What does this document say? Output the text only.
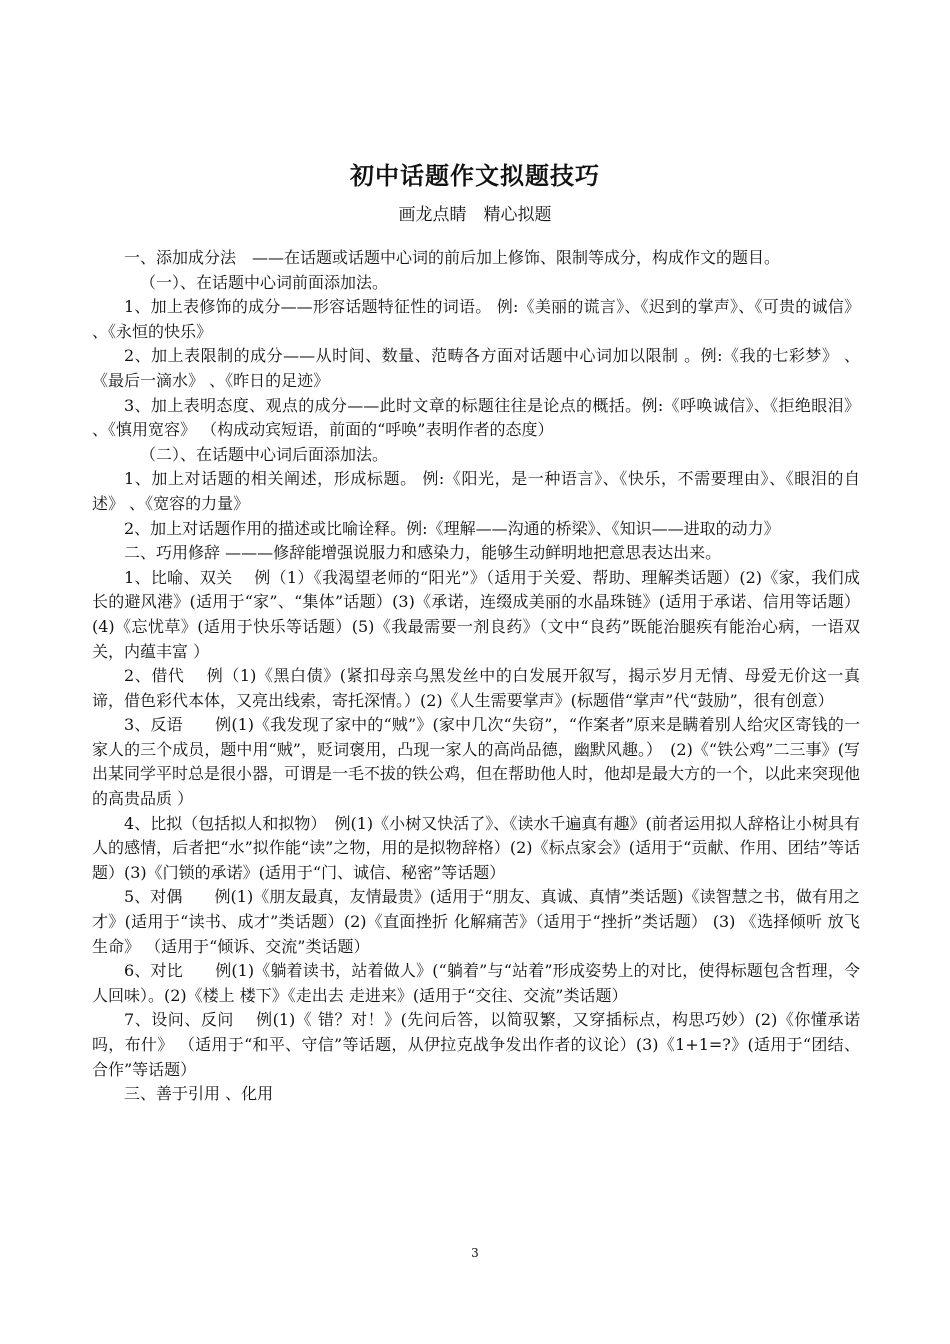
初中话题作文拟题技巧
画龙点睛　精心拟题

一、添加成分法　——在话题或话题中心词的前后加上修饰、限制等成分，构成作文的题目。

（一）、在话题中心词前面添加法。

1、加上表修饰的成分——形容话题特征性的词语。 例:《美丽的谎言》、《迟到的掌声》、《可贵的诚信》 、《永恒的快乐》

2、加上表限制的成分——从时间、数量、范畴各方面对话题中心词加以限制 。例:《我的七彩梦》 、《最后一滴水》 、《昨日的足迹》

3、加上表明态度、观点的成分——此时文章的标题往往是论点的概括。例:《呼唤诚信》、《拒绝眼泪》 、《慎用宽容》 （构成动宾短语，前面的“呼唤”表明作者的态度）

（二）、在话题中心词后面添加法。

1、加上对话题的相关阐述，形成标题。 例:《阳光，是一种语言》、《快乐，不需要理由》、《眼泪的自述》 、《宽容的力量》

2、加上对话题作用的描述或比喻诠释。例:《理解——沟通的桥梁》、《知识——进取的动力》

二、巧用修辞 ———修辞能增强说服力和感染力，能够生动鲜明地把意思表达出来。

1、比喻、双关　 例（1）《我渴望老师的“阳光”》（适用于关爱、帮助、理解类话题）(2)《家，我们成长的避风港》(适用于“家”、“集体”话题）(3)《承诺，连缀成美丽的水晶珠链》(适用于承诺、信用等话题）(4)《忘忧草》(适用于快乐等话题）(5)《我最需要一剂良药》（文中“良药”既能治腿疾有能治心病，一语双关，内蕴丰富 ）

2、借代　 例（1)《黑白债》(紧扣母亲乌黑发丝中的白发展开叙写，揭示岁月无情、母爱无价这一真谛，借色彩代本体，又亮出线索，寄托深情。）(2)《人生需要掌声》(标题借“掌声”代“鼓励”，很有创意）

3、反语　　例(1)《我发现了家中的“贼”》(家中几次“失窃”，“作案者”原来是瞒着别人给灾区寄钱的一家人的三个成员，题中用“贼”，贬词褒用，凸现一家人的高尚品德，幽默风趣。）　(2)《“铁公鸡”二三事》(写出某同学平时总是很小器，可谓是一毛不拔的铁公鸡，但在帮助他人时，他却是最大方的一个，以此来突现他的高贵品质 ）

4、比拟（包括拟人和拟物）　例(1)《小树又快活了》、《读水千遍真有趣》(前者运用拟人辞格让小树具有人的感情，后者把“水”拟作能“读”之物，用的是拟物辞格）(2)《标点家会》(适用于“贡献、作用、团结”等话题）(3)《门锁的承诺》(适用于“门、诚信、秘密”等话题）

5、对偶　　例(1)《朋友最真，友情最贵》(适用于“朋友、真诚、真情”类话题)《读智慧之书，做有用之才》(适用于“读书、成才”类话题）(2)《直面挫折 化解痛苦》（适用于“挫折”类话题） (3) 《选择倾听 放飞生命》 （适用于“倾诉、交流”类话题）

6、对比　　例(1)《躺着读书，站着做人》(“躺着”与“站着”形成姿势上的对比，使得标题包含哲理，令人回味）。(2)《楼上 楼下》《走出去 走进来》(适用于“交往、交流”类话题）

7、设问、反问　 例(1)《 错？对！》(先问后答，以简驭繁，又穿插标点，构思巧妙）(2)《你懂承诺吗，布什》 （适用于“和平、守信”等话题，从伊拉克战争发出作者的议论）(3)《1+1=?》(适用于“团结、合作”等话题）

三、善于引用 、化用

3
